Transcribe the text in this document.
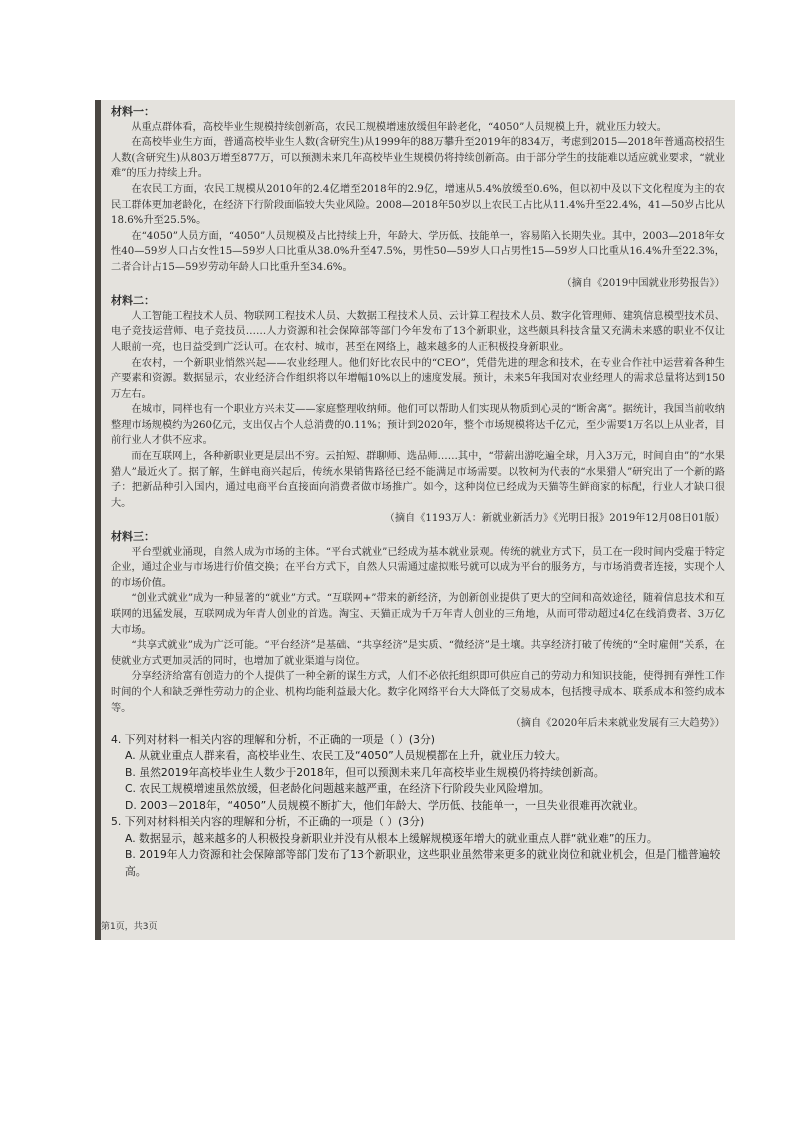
材料一：

从重点群体看，高校毕业生规模持续创新高，农民工规模增速放缓但年龄老化，“4050”人员规模上升，就业压力较大。

在高校毕业生方面，普通高校毕业生人数(含研究生)从1999年的88万攀升至2019年的834万，考虑到2015—2018年普通高校招生人数(含研究生)从803万增至877万，可以预测未来几年高校毕业生规模仍将持续创新高。由于部分学生的技能难以适应就业要求，“就业难”的压力持续上升。

在农民工方面，农民工规模从2010年的2.4亿增至2018年的2.9亿，增速从5.4%放缓至0.6%，但以初中及以下文化程度为主的农民工群体更加老龄化，在经济下行阶段面临较大失业风险。2008—2018年50岁以上农民工占比从11.4%升至22.4%，41—50岁占比从18.6%升至25.5%。

在“4050”人员方面，“4050”人员规模及占比持续上升，年龄大、学历低、技能单一，容易陷入长期失业。其中，2003—2018年女性40—59岁人口占女性15—59岁人口比重从38.0%升至47.5%，男性50—59岁人口占男性15—59岁人口比重从16.4%升至22.3%，二者合计占15—59岁劳动年龄人口比重升至34.6%。

（摘自《2019中国就业形势报告》）

材料二：

人工智能工程技术人员、物联网工程技术人员、大数据工程技术人员、云计算工程技术人员、数字化管理师、建筑信息模型技术员、电子竞技运营师、电子竞技员……人力资源和社会保障部等部门今年发布了13个新职业，这些颇具科技含量又充满未来感的职业不仅让人眼前一亮，也日益受到广泛认可。在农村、城市，甚至在网络上，越来越多的人正积极投身新职业。

在农村，一个新职业悄然兴起——农业经理人。他们好比农民中的“CEO”，凭借先进的理念和技术，在专业合作社中运营着各种生产要素和资源。数据显示，农业经济合作组织将以年增幅10%以上的速度发展。预计，未来5年我国对农业经理人的需求总量将达到150万左右。

在城市，同样也有一个职业方兴未艾——家庭整理收纳师。他们可以帮助人们实现从物质到心灵的“断舍离”。据统计，我国当前收纳整理市场规模约为260亿元，支出仅占个人总消费的0.11%；预计到2020年，整个市场规模将达千亿元，至少需要1万名以上从业者，目前行业人才供不应求。

而在互联网上，各种新职业更是层出不穷。云拍短、群聊师、选品师……其中，“带薪出游吃遍全球，月入3万元，时间自由”的“水果猎人”最近火了。据了解，生鲜电商兴起后，传统水果销售路径已经不能满足市场需要。以牧柯为代表的“水果猎人”研究出了一个新的路子：把新品种引入国内，通过电商平台直接面向消费者做市场推广。如今，这种岗位已经成为天猫等生鲜商家的标配，行业人才缺口很大。

（摘自《1193万人：新就业新活力》《光明日报》2019年12月08日01版）

材料三：

平台型就业涌现，自然人成为市场的主体。“平台式就业”已经成为基本就业景观。传统的就业方式下，员工在一段时间内受雇于特定企业，通过企业与市场进行价值交换；在平台方式下，自然人只需通过虚拟账号就可以成为平台的服务方，与市场消费者连接，实现个人的市场价值。

“创业式就业”成为一种显著的“就业”方式。“互联网+”带来的新经济，为创新创业提供了更大的空间和高效途径，随着信息技术和互联网的迅猛发展，互联网成为年青人创业的首选。淘宝、天猫正成为千万年青人创业的三角地，从而可带动超过4亿在线消费者、3万亿大市场。

“共享式就业”成为广泛可能。“平台经济”是基础、“共享经济”是实质、“微经济”是土壤。共享经济打破了传统的“全时雇佣”关系，在使就业方式更加灵活的同时，也增加了就业渠道与岗位。

分享经济给富有创造力的个人提供了一种全新的谋生方式，人们不必依托组织即可供应自己的劳动力和知识技能，使得拥有弹性工作时间的个人和缺乏弹性劳动力的企业、机构均能利益最大化。数字化网络平台大大降低了交易成本，包括搜寻成本、联系成本和签约成本等。

（摘自《2020年后未来就业发展有三大趋势》）

4. 下列对材料一相关内容的理解和分析，不正确的一项是（ ）(3分)

A. 从就业重点人群来看，高校毕业生、农民工及“4050”人员规模都在上升，就业压力较大。

B. 虽然2019年高校毕业生人数少于2018年，但可以预测未来几年高校毕业生规模仍将持续创新高。

C. 农民工规模增速虽然放缓，但老龄化问题越来越严重，在经济下行阶段失业风险增加。

D. 2003－2018年，“4050”人员规模不断扩大，他们年龄大、学历低、技能单一，一旦失业很难再次就业。

5. 下列对材料相关内容的理解和分析，不正确的一项是（ ）(3分)

A. 数据显示，越来越多的人积极投身新职业并没有从根本上缓解规模逐年增大的就业重点人群“就业难”的压力。

B. 2019年人力资源和社会保障部等部门发布了13个新职业，这些职业虽然带来更多的就业岗位和就业机会，但是门槛普遍较高。

第1页，共3页
